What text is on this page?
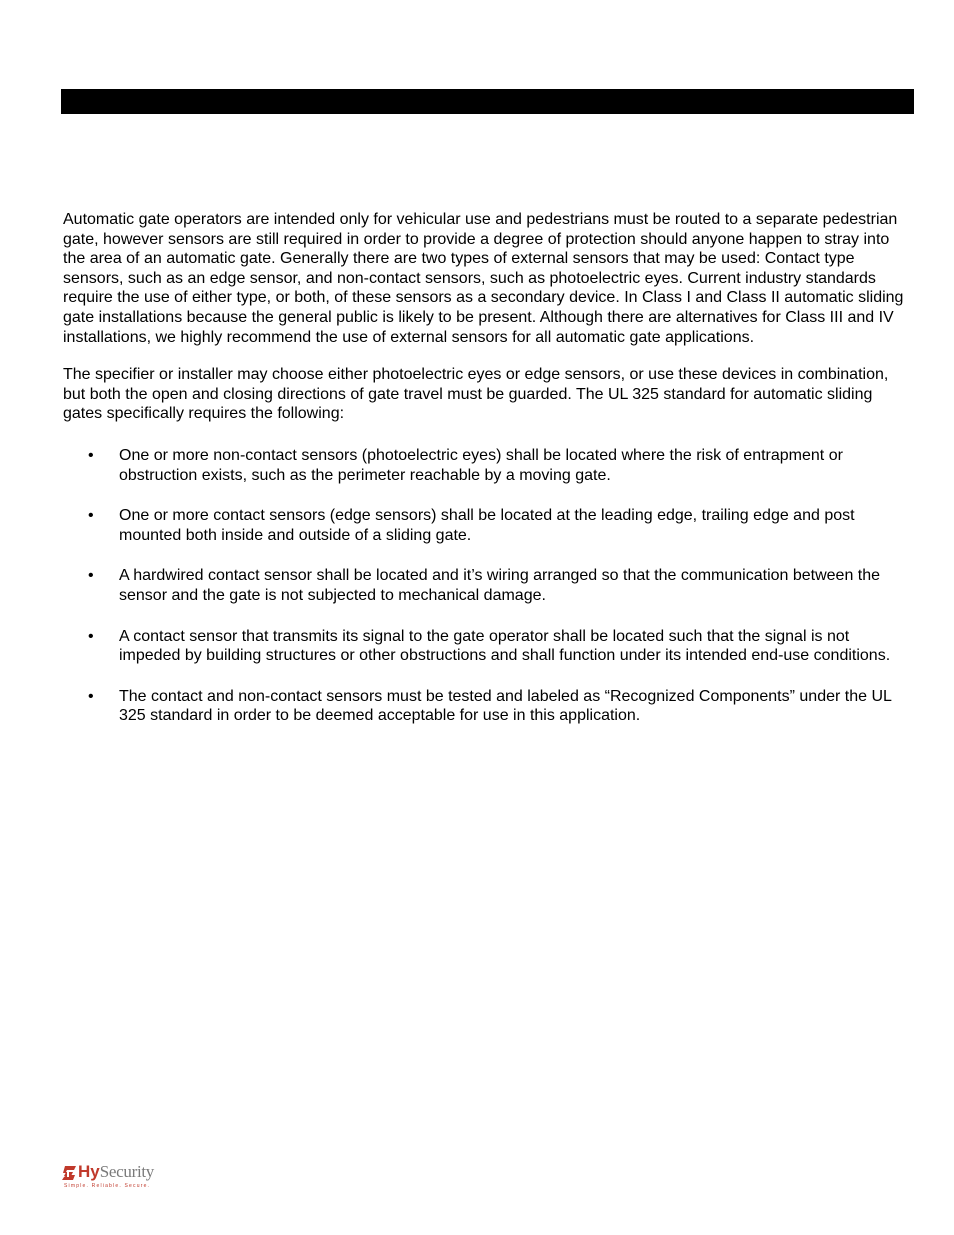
Automatic gate operators are intended only for vehicular use and pedestrians must be routed to a separate pedestrian gate, however sensors are still required in order to provide a degree of protection should anyone happen to stray into the area of an automatic gate. Generally there are two types of external sensors that may be used: Contact type sensors, such as an edge sensor, and non-contact sensors, such as photoelectric eyes. Current industry standards require the use of either type, or both, of these sensors as a secondary device. In Class I and Class II automatic sliding gate installations because the general public is likely to be present. Although there are alternatives for Class III and IV installations, we highly recommend the use of external sensors for all automatic gate applications.

The specifier or installer may choose either photoelectric eyes or edge sensors, or use these devices in combination, but both the open and closing directions of gate travel must be guarded. The UL 325 standard for automatic sliding gates specifically requires the following:

•	One or more non-contact sensors (photoelectric eyes) shall be located where the risk of entrapment or obstruction exists, such as the perimeter reachable by a moving gate.
•	One or more contact sensors (edge sensors) shall be located at the leading edge, trailing edge and post mounted both inside and outside of a sliding gate.
•	A hardwired contact sensor shall be located and it’s wiring arranged so that the communication between the sensor and the gate is not subjected to mechanical damage.
•	A contact sensor that transmits its signal to the gate operator shall be located such that the signal is not impeded by building structures or other obstructions and shall function under its intended end-use conditions.
•	The contact and non-contact sensors must be tested and labeled as “Recognized Components” under the UL 325 standard in order to be deemed acceptable for use in this application.
HySecurity
Simple. Reliable. Secure.
